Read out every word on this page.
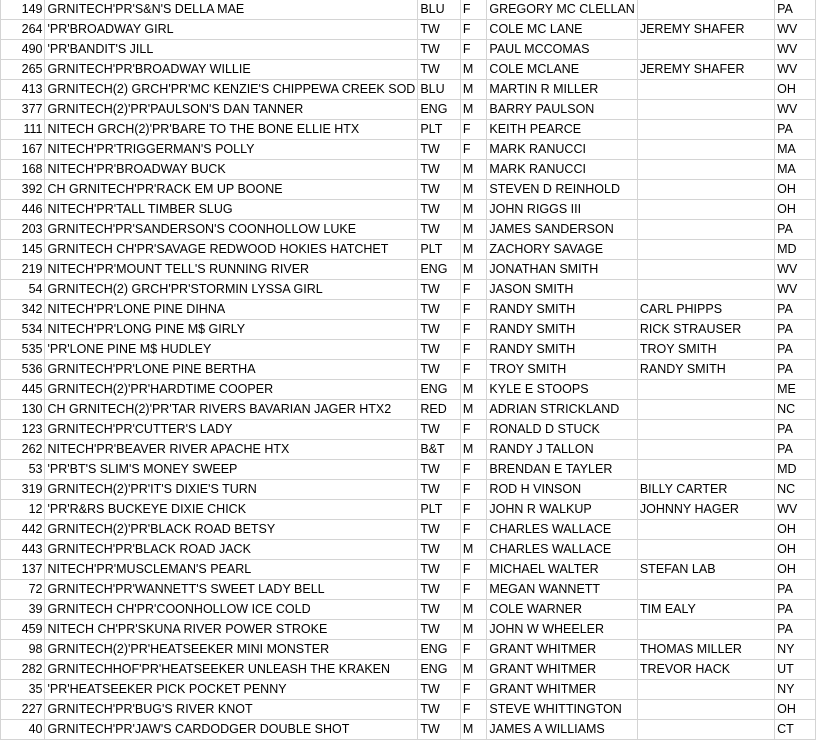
149	GRNITECH'PR'S&N'S DELLA MAE	BLU	F	GREGORY MC CLELLAN		PA
264	'PR'BROADWAY GIRL	TW	F	COLE MC LANE	JEREMY SHAFER	WV
490	'PR'BANDIT'S JILL	TW	F	PAUL MCCOMAS		WV
265	GRNITECH'PR'BROADWAY WILLIE	TW	M	COLE MCLANE	JEREMY SHAFER	WV
413	GRNITECH(2) GRCH'PR'MC KENZIE'S CHIPPEWA CREEK SOD	BLU	M	MARTIN R MILLER		OH
377	GRNITECH(2)'PR'PAULSON'S DAN TANNER	ENG	M	BARRY PAULSON		WV
111	NITECH GRCH(2)'PR'BARE TO THE BONE ELLIE HTX	PLT	F	KEITH PEARCE		PA
167	NITECH'PR'TRIGGERMAN'S POLLY	TW	F	MARK RANUCCI		MA
168	NITECH'PR'BROADWAY BUCK	TW	M	MARK RANUCCI		MA
392	CH GRNITECH'PR'RACK EM UP BOONE	TW	M	STEVEN D REINHOLD		OH
446	NITECH'PR'TALL TIMBER SLUG	TW	M	JOHN RIGGS III		OH
203	GRNITECH'PR'SANDERSON'S COONHOLLOW LUKE	TW	M	JAMES SANDERSON		PA
145	GRNITECH CH'PR'SAVAGE REDWOOD HOKIES HATCHET	PLT	M	ZACHORY SAVAGE		MD
219	NITECH'PR'MOUNT TELL'S RUNNING RIVER	ENG	M	JONATHAN SMITH		WV
54	GRNITECH(2) GRCH'PR'STORMIN LYSSA GIRL	TW	F	JASON SMITH		WV
342	NITECH'PR'LONE PINE DIHNA	TW	F	RANDY SMITH	CARL PHIPPS	PA
534	NITECH'PR'LONG PINE M$ GIRLY	TW	F	RANDY SMITH	RICK STRAUSER	PA
535	'PR'LONE PINE M$ HUDLEY	TW	F	RANDY SMITH	TROY SMITH	PA
536	GRNITECH'PR'LONE PINE BERTHA	TW	F	TROY SMITH	RANDY SMITH	PA
445	GRNITECH(2)'PR'HARDTIME COOPER	ENG	M	KYLE E STOOPS		ME
130	CH GRNITECH(2)'PR'TAR RIVERS BAVARIAN JAGER HTX2	RED	M	ADRIAN STRICKLAND		NC
123	GRNITECH'PR'CUTTER'S LADY	TW	F	RONALD D STUCK		PA
262	NITECH'PR'BEAVER RIVER APACHE HTX	B&T	M	RANDY J TALLON		PA
53	'PR'BT'S SLIM'S MONEY SWEEP	TW	F	BRENDAN E TAYLER		MD
319	GRNITECH(2)'PR'IT'S DIXIE'S TURN	TW	F	ROD H VINSON	BILLY CARTER	NC
12	'PR'R&RS BUCKEYE DIXIE CHICK	PLT	F	JOHN R WALKUP	JOHNNY HAGER	WV
442	GRNITECH(2)'PR'BLACK ROAD BETSY	TW	F	CHARLES WALLACE		OH
443	GRNITECH'PR'BLACK ROAD JACK	TW	M	CHARLES WALLACE		OH
137	NITECH'PR'MUSCLEMAN'S PEARL	TW	F	MICHAEL WALTER	STEFAN LAB	OH
72	GRNITECH'PR'WANNETT'S SWEET LADY BELL	TW	F	MEGAN WANNETT		PA
39	GRNITECH CH'PR'COONHOLLOW ICE COLD	TW	M	COLE WARNER	TIM EALY	PA
459	NITECH CH'PR'SKUNA RIVER POWER STROKE	TW	M	JOHN W WHEELER		PA
98	GRNITECH(2)'PR'HEATSEEKER MINI MONSTER	ENG	F	GRANT WHITMER	THOMAS MILLER	NY
282	GRNITECHHOF'PR'HEATSEEKER UNLEASH THE KRAKEN	ENG	M	GRANT WHITMER	TREVOR HACK	UT
35	'PR'HEATSEEKER PICK POCKET PENNY	TW	F	GRANT WHITMER		NY
227	GRNITECH'PR'BUG'S RIVER KNOT	TW	F	STEVE WHITTINGTON		OH
40	GRNITECH'PR'JAW'S CARDODGER DOUBLE SHOT	TW	M	JAMES A WILLIAMS		CT
